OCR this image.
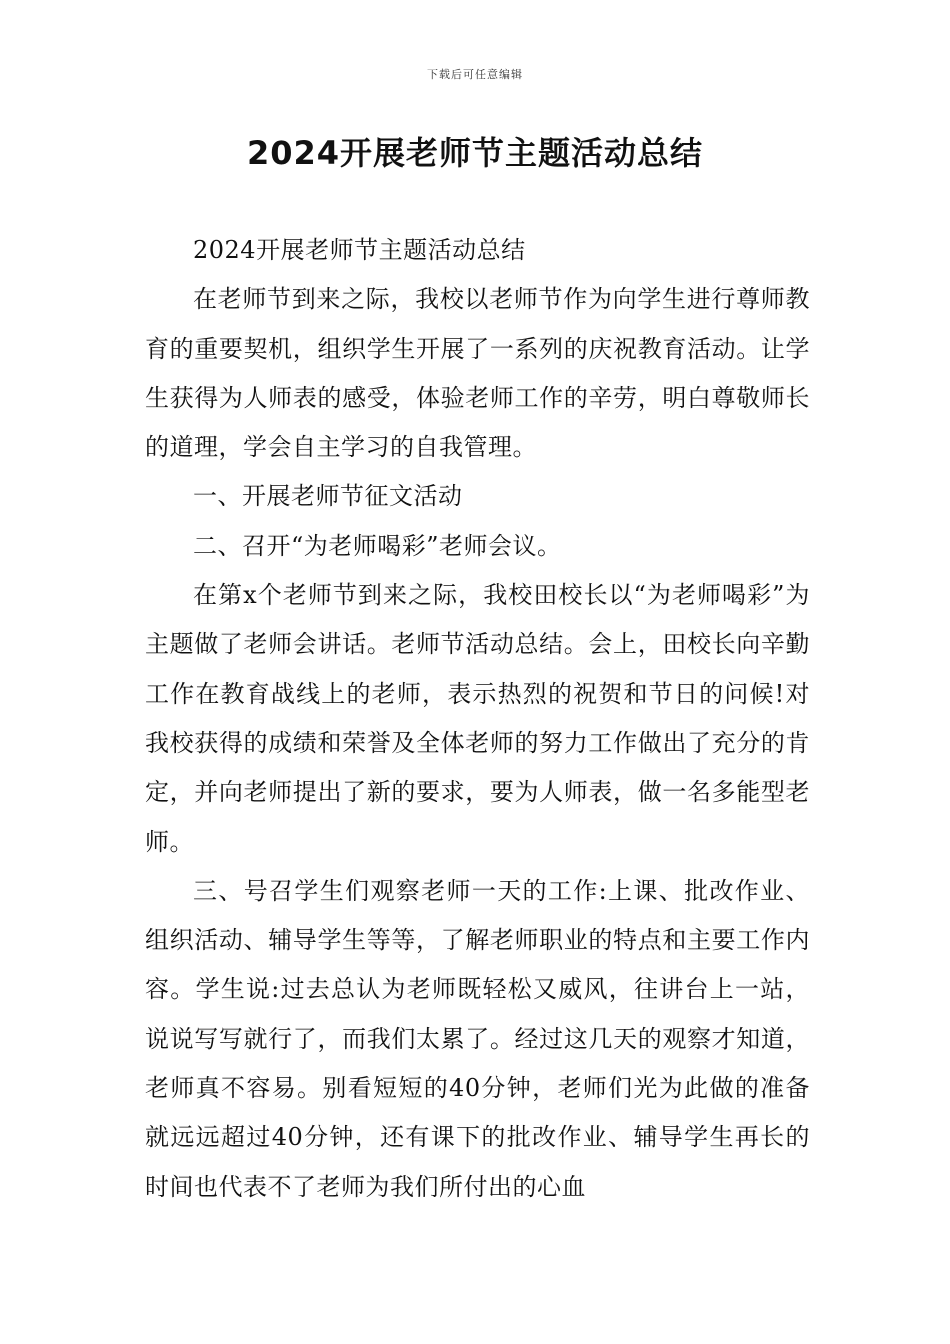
下载后可任意编辑
2024开展老师节主题活动总结

2024开展老师节主题活动总结

在老师节到来之际，我校以老师节作为向学生进行尊师教育的重要契机，组织学生开展了一系列的庆祝教育活动。让学生获得为人师表的感受，体验老师工作的辛劳，明白尊敬师长的道理，学会自主学习的自我管理。

一、开展老师节征文活动

二、召开“为老师喝彩”老师会议。

在第x个老师节到来之际，我校田校长以“为老师喝彩”为主题做了老师会讲话。老师节活动总结。会上，田校长向辛勤工作在教育战线上的老师，表示热烈的祝贺和节日的问候!对我校获得的成绩和荣誉及全体老师的努力工作做出了充分的肯定，并向老师提出了新的要求，要为人师表，做一名多能型老师。

三、号召学生们观察老师一天的工作:上课、批改作业、组织活动、辅导学生等等，了解老师职业的特点和主要工作内容。学生说:过去总认为老师既轻松又威风，往讲台上一站，说说写写就行了，而我们太累了。经过这几天的观察才知道，老师真不容易。别看短短的40分钟，老师们光为此做的准备就远远超过40分钟，还有课下的批改作业、辅导学生再长的时间也代表不了老师为我们所付出的心血
